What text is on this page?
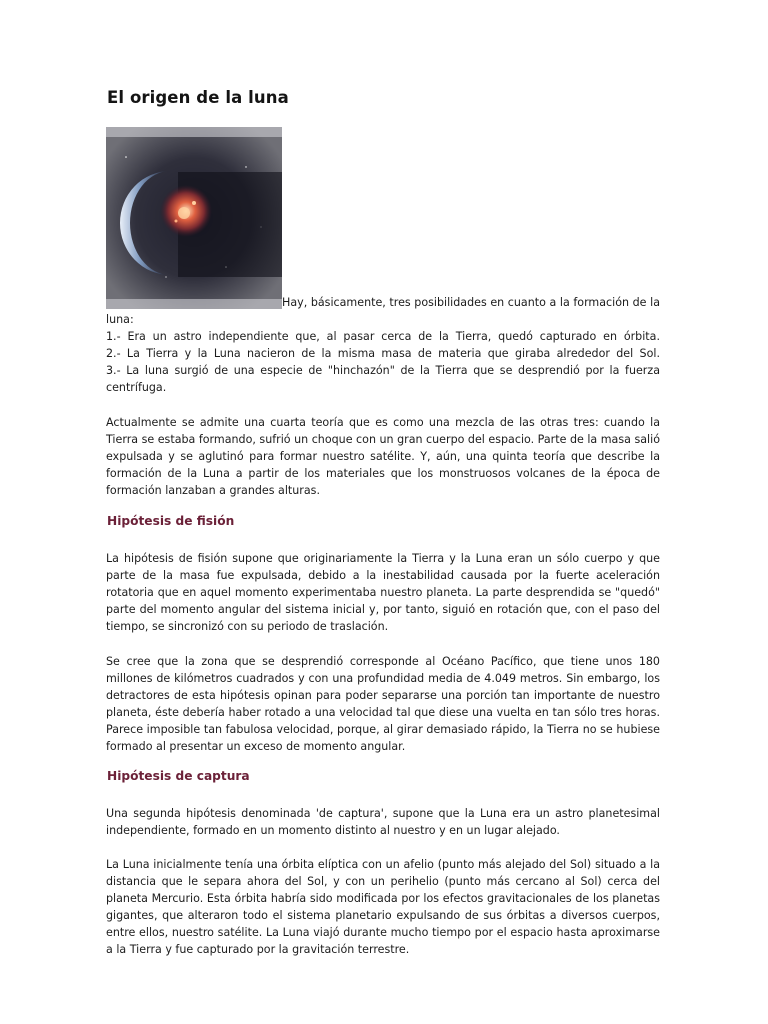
El origen de la luna
Hay, básicamente, tres posibilidades en cuanto a la formación de la
luna:
1.- Era un astro independiente que, al pasar cerca de la Tierra, quedó capturado en órbita.
2.- La Tierra y la Luna nacieron de la misma masa de materia que giraba alrededor del Sol.
3.- La luna surgió de una especie de "hinchazón" de la Tierra que se desprendió por la fuerza
centrífuga.

Actualmente se admite una cuarta teoría que es como una mezcla de las otras tres: cuando la Tierra se estaba formando, sufrió un choque con un gran cuerpo del espacio. Parte de la masa salió expulsada y se aglutinó para formar nuestro satélite. Y, aún, una quinta teoría que describe la formación de la Luna a partir de los materiales que los monstruosos volcanes de la época de formación lanzaban a grandes alturas.

Hipótesis de fisión

La hipótesis de fisión supone que originariamente la Tierra y la Luna eran un sólo cuerpo y que parte de la masa fue expulsada, debido a la inestabilidad causada por la fuerte aceleración rotatoria que en aquel momento experimentaba nuestro planeta. La parte desprendida se "quedó" parte del momento angular del sistema inicial y, por tanto, siguió en rotación que, con el paso del tiempo, se sincronizó con su periodo de traslación.

Se cree que la zona que se desprendió corresponde al Océano Pacífico, que tiene unos 180 millones de kilómetros cuadrados y con una profundidad media de 4.049 metros. Sin embargo, los detractores de esta hipótesis opinan para poder separarse una porción tan importante de nuestro planeta, éste debería haber rotado a una velocidad tal que diese una vuelta en tan sólo tres horas. Parece imposible tan fabulosa velocidad, porque, al girar demasiado rápido, la Tierra no se hubiese formado al presentar un exceso de momento angular.

Hipótesis de captura

Una segunda hipótesis denominada 'de captura', supone que la Luna era un astro planetesimal independiente, formado en un momento distinto al nuestro y en un lugar alejado.

La Luna inicialmente tenía una órbita elíptica con un afelio (punto más alejado del Sol) situado a la distancia que le separa ahora del Sol, y con un perihelio (punto más cercano al Sol) cerca del planeta Mercurio. Esta órbita habría sido modificada por los efectos gravitacionales de los planetas gigantes, que alteraron todo el sistema planetario expulsando de sus órbitas a diversos cuerpos, entre ellos, nuestro satélite. La Luna viajó durante mucho tiempo por el espacio hasta aproximarse a la Tierra y fue capturado por la gravitación terrestre.
